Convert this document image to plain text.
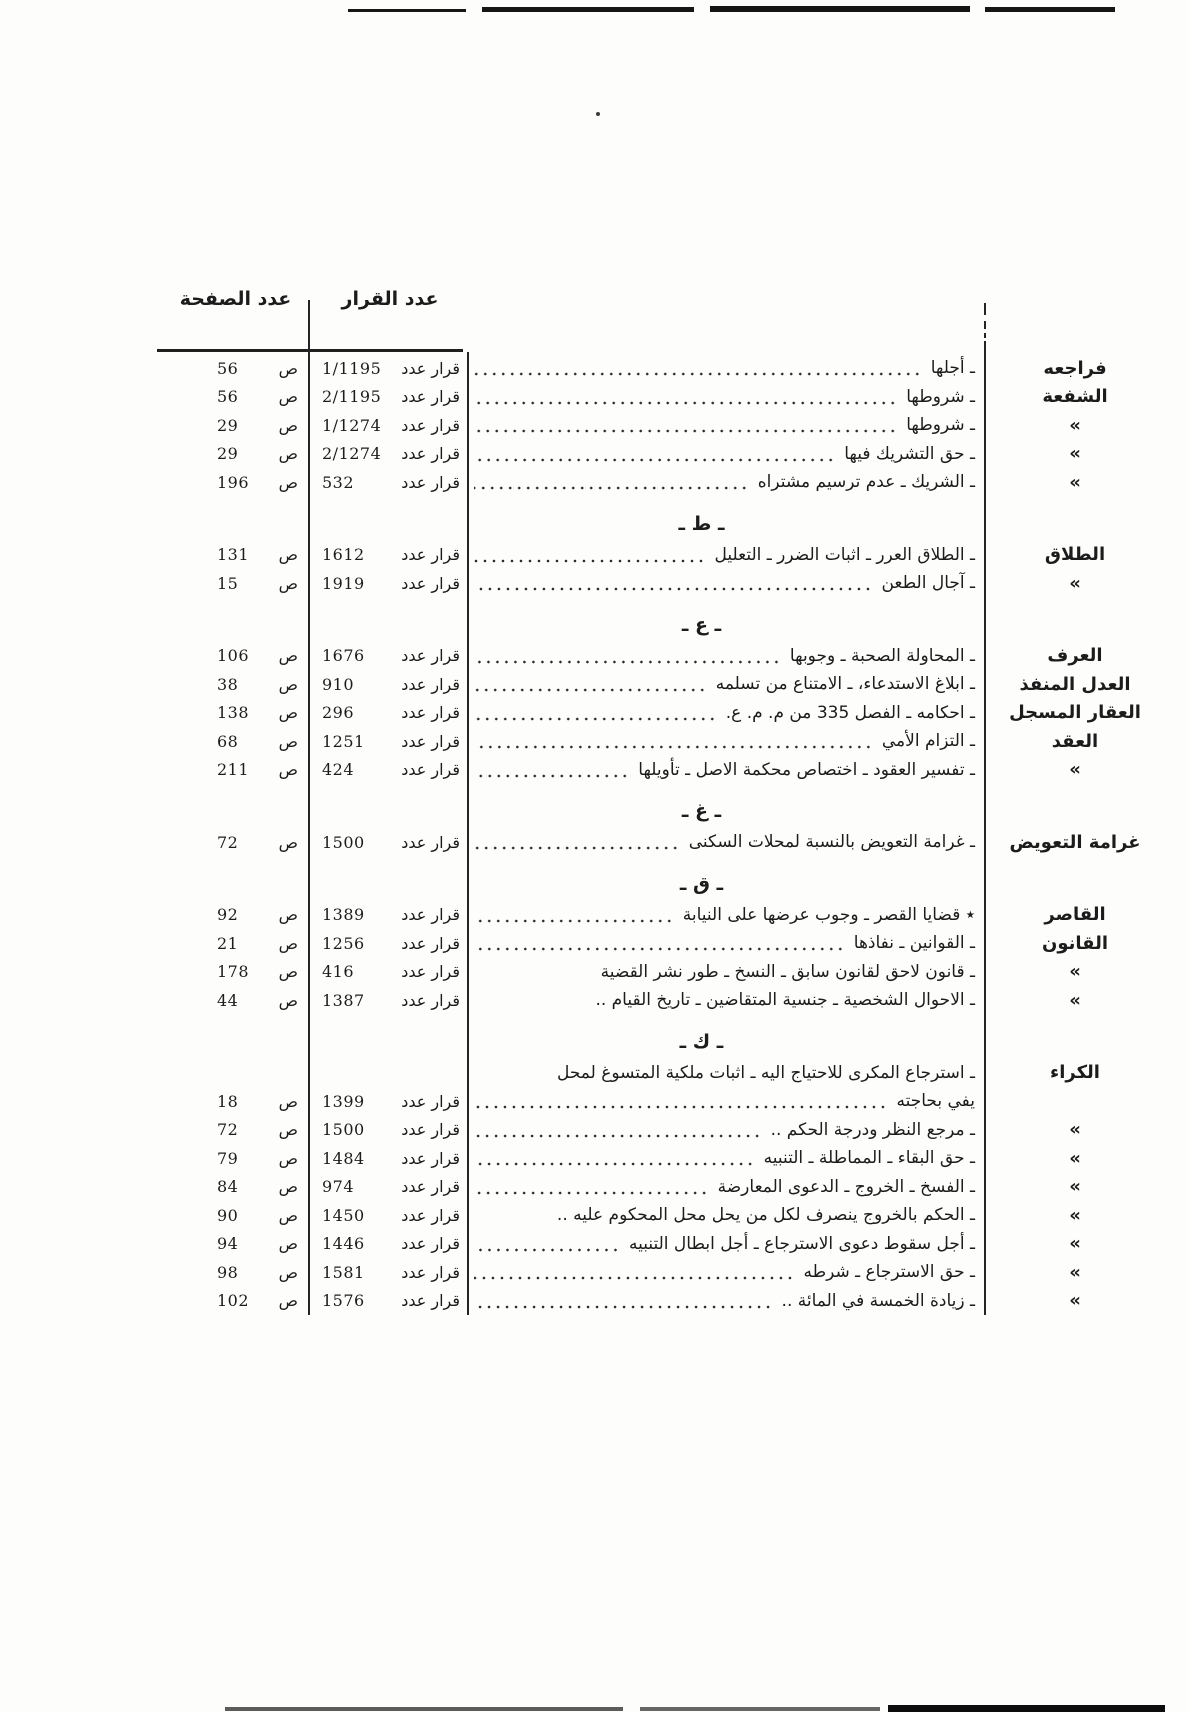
عدد الصفحة	عدد القرار
فراجعه
ـ أجلها
قرار عدد
1/1195
ص
56
الشفعة
ـ شروطها
قرار عدد
2/1195
ص
56
»
ـ شروطها
قرار عدد
1/1274
ص
29
»
ـ حق التشريك فيها
قرار عدد
2/1274
ص
29
»
ـ الشريك ـ عدم ترسيم مشتراه
قرار عدد
532
ص
196
ـ ط ـ
الطلاق
ـ الطلاق العرر ـ اثبات الضرر ـ التعليل
قرار عدد
1612
ص
131
»
ـ آجال الطعن
قرار عدد
1919
ص
15
ـ ع ـ
العرف
ـ المحاولة الصحبة ـ وجوبها
قرار عدد
1676
ص
106
العدل المنفذ
ـ ابلاغ الاستدعاء، ـ الامتناع من تسلمه
قرار عدد
910
ص
38
العقار المسجل
ـ احكامه ـ الفصل 335 من م. م. ع.
قرار عدد
296
ص
138
العقد
ـ التزام الأمي
قرار عدد
1251
ص
68
»
ـ تفسير العقود ـ اختصاص محكمة الاصل ـ تأويلها
قرار عدد
424
ص
211
ـ غ ـ
غرامة التعويض
ـ غرامة التعويض بالنسبة لمحلات السكنى
قرار عدد
1500
ص
72
ـ ق ـ
القاصر
٭ قضايا القصر ـ وجوب عرضها على النيابة
قرار عدد
1389
ص
92
القانون
ـ القوانين ـ نفاذها
قرار عدد
1256
ص
21
»
ـ قانون لاحق لقانون سابق ـ النسخ ـ طور نشر القضية
قرار عدد
416
ص
178
»
ـ الاحوال الشخصية ـ جنسية المتقاضين ـ تاريخ القيام ..
قرار عدد
1387
ص
44
ـ ك ـ
الكراء
ـ استرجاع المكرى للاحتياج اليه ـ اثبات ملكية المتسوغ لمحل
يفي بحاجته
قرار عدد
1399
ص
18
»
ـ مرجع النظر ودرجة الحكم ..
قرار عدد
1500
ص
72
»
ـ حق البقاء ـ المماطلة ـ التنبيه
قرار عدد
1484
ص
79
»
ـ الفسخ ـ الخروج ـ الدعوى المعارضة
قرار عدد
974
ص
84
»
ـ الحكم بالخروج ينصرف لكل من يحل محل المحكوم عليه ..
قرار عدد
1450
ص
90
»
ـ أجل سقوط دعوى الاسترجاع ـ أجل ابطال التنبيه
قرار عدد
1446
ص
94
»
ـ حق الاسترجاع ـ شرطه
قرار عدد
1581
ص
98
»
ـ زيادة الخمسة في المائة ..
قرار عدد
1576
ص
102
